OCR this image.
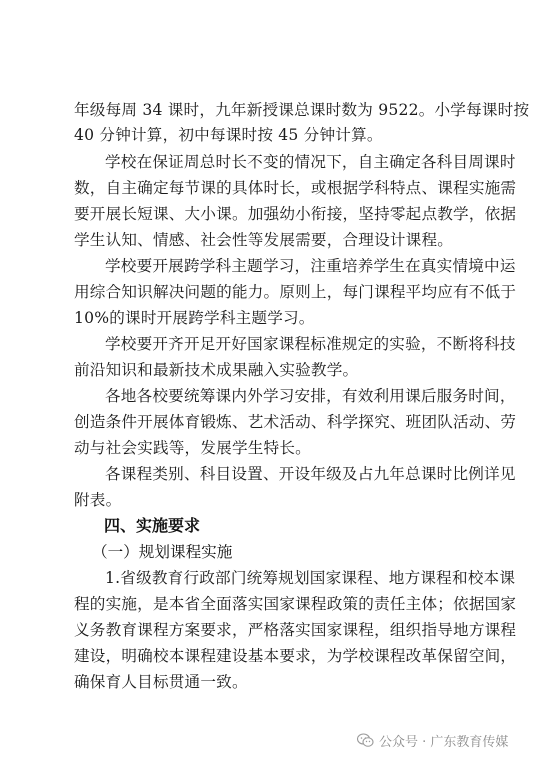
年级每周 34 课时，九年新授课总课时数为 9522。小学每课时按
40 分钟计算，初中每课时按 45 分钟计算。
学校在保证周总时长不变的情况下，自主确定各科目周课时
数，自主确定每节课的具体时长，或根据学科特点、课程实施需
要开展长短课、大小课。加强幼小衔接，坚持零起点教学，依据
学生认知、情感、社会性等发展需要，合理设计课程。
学校要开展跨学科主题学习，注重培养学生在真实情境中运
用综合知识解决问题的能力。原则上，每门课程平均应有不低于
10%的课时开展跨学科主题学习。
学校要开齐开足开好国家课程标准规定的实验，不断将科技
前沿知识和最新技术成果融入实验教学。
各地各校要统筹课内外学习安排，有效利用课后服务时间，
创造条件开展体育锻炼、艺术活动、科学探究、班团队活动、劳
动与社会实践等，发展学生特长。
各课程类别、科目设置、开设年级及占九年总课时比例详见
附表。
四、实施要求
（一）规划课程实施
1.省级教育行政部门统筹规划国家课程、地方课程和校本课
程的实施，是本省全面落实国家课程政策的责任主体；依据国家
义务教育课程方案要求，严格落实国家课程，组织指导地方课程
建设，明确校本课程建设基本要求，为学校课程改革保留空间，
确保育人目标贯通一致。
公众号 · 广东教育传媒
